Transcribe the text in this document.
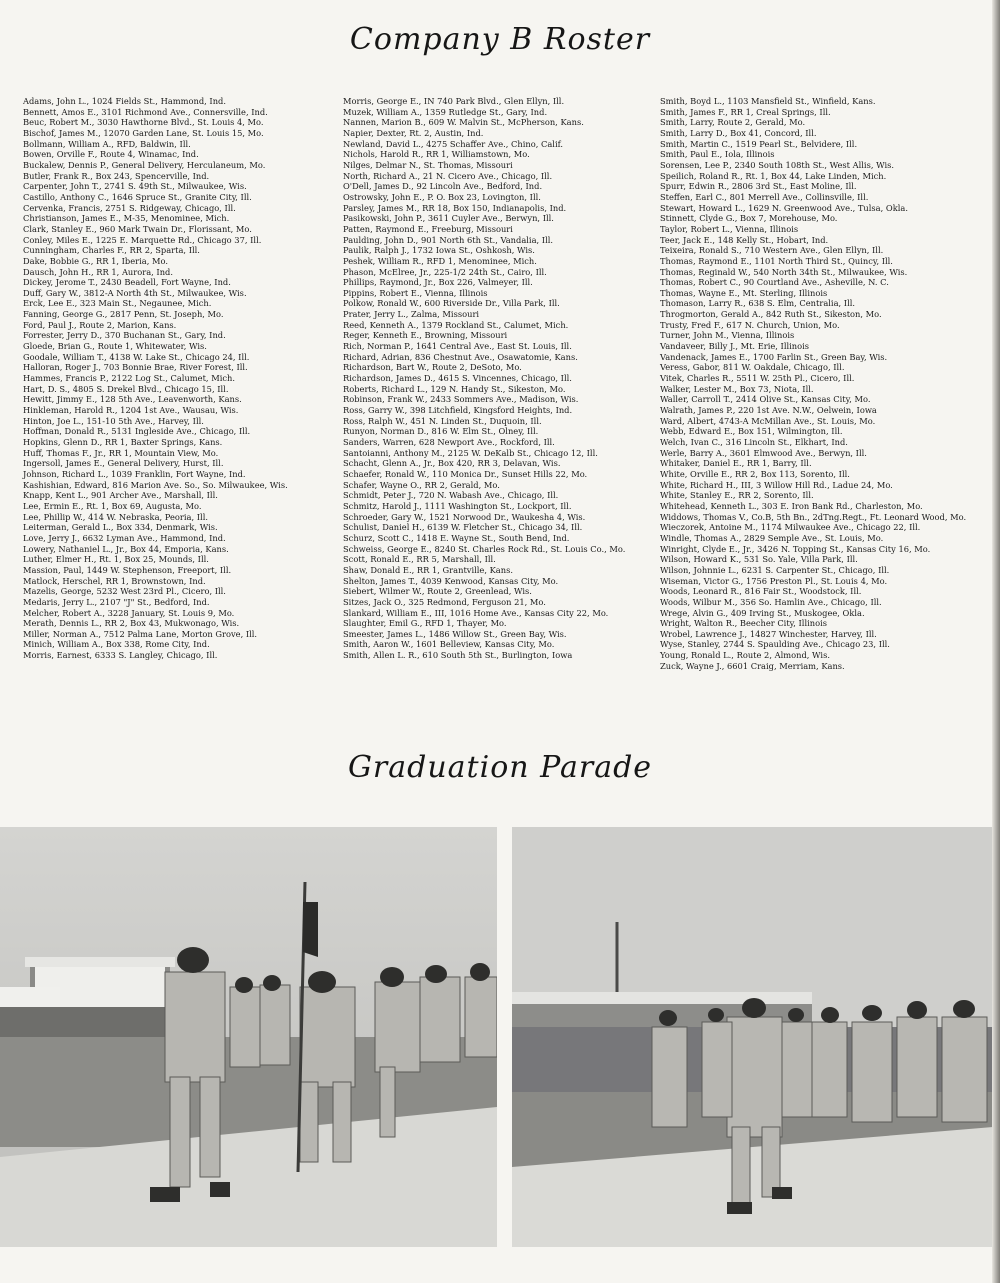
Company B Roster
Adams, John L., 1024 Fields St., Hammond, Ind.
Bennett, Amos E., 3101 Richmond Ave., Connersville, Ind.
Beuc, Robert M., 3030 Hawthorne Blvd., St. Louis 4, Mo.
Bischof, James M., 12070 Garden Lane, St. Louis 15, Mo.
Bollmann, William A., RFD, Baldwin, Ill.
Bowen, Orville F., Route 4, Winamac, Ind.
Buckalew, Dennis P., General Delivery, Herculaneum, Mo.
Butler, Frank R., Box 243, Spencerville, Ind.
Carpenter, John T., 2741 S. 49th St., Milwaukee, Wis.
Castillo, Anthony C., 1646 Spruce St., Granite City, Ill.
Cervenka, Francis, 2751 S. Ridgeway, Chicago, Ill.
Christianson, James E., M-35, Menominee, Mich.
Clark, Stanley E., 960 Mark Twain Dr., Florissant, Mo.
Conley, Miles E., 1225 E. Marquette Rd., Chicago 37, Ill.
Cunningham, Charles F., RR 2, Sparta, Ill.
Dake, Bobbie G., RR 1, Iberia, Mo.
Dausch, John H., RR 1, Aurora, Ind.
Dickey, Jerome T., 2430 Beadell, Fort Wayne, Ind.
Duff, Gary W., 3812-A North 4th St., Milwaukee, Wis.
Erck, Lee E., 323 Main St., Negaunee, Mich.
Fanning, George G., 2817 Penn, St. Joseph, Mo.
Ford, Paul J., Route 2, Marion, Kans.
Forrester, Jerry D., 370 Buchanan St., Gary, Ind.
Gloede, Brian G., Route 1, Whitewater, Wis.
Goodale, William T., 4138 W. Lake St., Chicago 24, Ill.
Halloran, Roger J., 703 Bonnie Brae, River Forest, Ill.
Hammes, Francis P., 2122 Log St., Calumet, Mich.
Hart, D. S., 4805 S. Drekel Blvd., Chicago 15, Ill.
Hewitt, Jimmy E., 128 5th Ave., Leavenworth, Kans.
Hinkleman, Harold R., 1204 1st Ave., Wausau, Wis.
Hinton, Joe L., 151-10 5th Ave., Harvey, Ill.
Hoffman, Donald R., 5131 Ingleside Ave., Chicago, Ill.
Hopkins, Glenn D., RR 1, Baxter Springs, Kans.
Huff, Thomas F., Jr., RR 1, Mountain View, Mo.
Ingersoll, James E., General Delivery, Hurst, Ill.
Johnson, Richard L., 1039 Franklin, Fort Wayne, Ind.
Kashishian, Edward, 816 Marion Ave. So., So. Milwaukee, Wis.
Knapp, Kent L., 901 Archer Ave., Marshall, Ill.
Lee, Ermin E., Rt. 1, Box 69, Augusta, Mo.
Lee, Phillip W., 414 W. Nebraska, Peoria, Ill.
Leiterman, Gerald L., Box 334, Denmark, Wis.
Love, Jerry J., 6632 Lyman Ave., Hammond, Ind.
Lowery, Nathaniel L., Jr., Box 44, Emporia, Kans.
Luther, Elmer H., Rt. 1, Box 25, Mounds, Ill.
Massion, Paul, 1449 W. Stephenson, Freeport, Ill.
Matlock, Herschel, RR 1, Brownstown, Ind.
Mazelis, George, 5232 West 23rd Pl., Cicero, Ill.
Medaris, Jerry L., 2107 "J" St., Bedford, Ind.
Melcher, Robert A., 3228 January, St. Louis 9, Mo.
Merath, Dennis L., RR 2, Box 43, Mukwonago, Wis.
Miller, Norman A., 7512 Palma Lane, Morton Grove, Ill.
Minich, William A., Box 338, Rome City, Ind.
Morris, Earnest, 6333 S. Langley, Chicago, Ill.
Morris, George E., IN 740 Park Blvd., Glen Ellyn, Ill.
Muzek, William A., 1359 Rutledge St., Gary, Ind.
Nannen, Marion B., 609 W. Malvin St., McPherson, Kans.
Napier, Dexter, Rt. 2, Austin, Ind.
Newland, David L., 4275 Schaffer Ave., Chino, Calif.
Nichols, Harold R., RR 1, Williamstown, Mo.
Nilges, Delmar N., St. Thomas, Missouri
North, Richard A., 21 N. Cicero Ave., Chicago, Ill.
O'Dell, James D., 92 Lincoln Ave., Bedford, Ind.
Ostrowsky, John E., P. O. Box 23, Lovington, Ill.
Parsley, James M., RR 18, Box 150, Indianapolis, Ind.
Pasikowski, John P., 3611 Cuyler Ave., Berwyn, Ill.
Patten, Raymond E., Freeburg, Missouri
Paulding, John D., 901 North 6th St., Vandalia, Ill.
Paulik, Ralph J., 1732 Iowa St., Oshkosh, Wis.
Peshek, William R., RFD 1, Menominee, Mich.
Phason, McElree, Jr., 225-1/2 24th St., Cairo, Ill.
Phillips, Raymond, Jr., Box 226, Valmeyer, Ill.
Pippins, Robert E., Vienna, Illinois
Polkow, Ronald W., 600 Riverside Dr., Villa Park, Ill.
Prater, Jerry L., Zalma, Missouri
Reed, Kenneth A., 1379 Rockland St., Calumet, Mich.
Reger, Kenneth E., Browning, Missouri
Rich, Norman P., 1641 Central Ave., East St. Louis, Ill.
Richard, Adrian, 836 Chestnut Ave., Osawatomie, Kans.
Richardson, Bart W., Route 2, DeSoto, Mo.
Richardson, James D., 4615 S. Vincennes, Chicago, Ill.
Roberts, Richard L., 129 N. Handy St., Sikeston, Mo.
Robinson, Frank W., 2433 Sommers Ave., Madison, Wis.
Ross, Garry W., 398 Litchfield, Kingsford Heights, Ind.
Ross, Ralph W., 451 N. Linden St., Duquoin, Ill.
Runyon, Norman D., 816 W. Elm St., Olney, Ill.
Sanders, Warren, 628 Newport Ave., Rockford, Ill.
Santoianni, Anthony M., 2125 W. DeKalb St., Chicago 12, Ill.
Schacht, Glenn A., Jr., Box 420, RR 3, Delavan, Wis.
Schaefer, Ronald W., 110 Monica Dr., Sunset Hills 22, Mo.
Schafer, Wayne O., RR 2, Gerald, Mo.
Schmidt, Peter J., 720 N. Wabash Ave., Chicago, Ill.
Schmitz, Harold J., 1111 Washington St., Lockport, Ill.
Schroeder, Gary W., 1521 Norwood Dr., Waukesha 4, Wis.
Schulist, Daniel H., 6139 W. Fletcher St., Chicago 34, Ill.
Schurz, Scott C., 1418 E. Wayne St., South Bend, Ind.
Schweiss, George E., 8240 St. Charles Rock Rd., St. Louis Co., Mo.
Scott, Ronald E., RR 5, Marshall, Ill.
Shaw, Donald E., RR 1, Grantville, Kans.
Shelton, James T., 4039 Kenwood, Kansas City, Mo.
Siebert, Wilmer W., Route 2, Greenlead, Wis.
Sitzes, Jack O., 325 Redmond, Ferguson 21, Mo.
Slankard, William E., III, 1016 Home Ave., Kansas City 22, Mo.
Slaughter, Emil G., RFD 1, Thayer, Mo.
Smeester, James L., 1486 Willow St., Green Bay, Wis.
Smith, Aaron W., 1601 Belleview, Kansas City, Mo.
Smith, Allen L. R., 610 South 5th St., Burlington, Iowa
Smith, Boyd L., 1103 Mansfield St., Winfield, Kans.
Smith, James F., RR 1, Creal Springs, Ill.
Smith, Larry, Route 2, Gerald, Mo.
Smith, Larry D., Box 41, Concord, Ill.
Smith, Martin C., 1519 Pearl St., Belvidere, Ill.
Smith, Paul E., Iola, Illinois
Sorensen, Lee P., 2340 South 108th St., West Allis, Wis.
Speilich, Roland R., Rt. 1, Box 44, Lake Linden, Mich.
Spurr, Edwin R., 2806 3rd St., East Moline, Ill.
Steffen, Earl C., 801 Merrell Ave., Collinsville, Ill.
Stewart, Howard L., 1629 N. Greenwood Ave., Tulsa, Okla.
Stinnett, Clyde G., Box 7, Morehouse, Mo.
Taylor, Robert L., Vienna, Illinois
Teer, Jack E., 148 Kelly St., Hobart, Ind.
Teixeira, Ronald S., 710 Western Ave., Glen Ellyn, Ill.
Thomas, Raymond E., 1101 North Third St., Quincy, Ill.
Thomas, Reginald W., 540 North 34th St., Milwaukee, Wis.
Thomas, Robert C., 90 Courtland Ave., Asheville, N. C.
Thomas, Wayne E., Mt. Sterling, Illinois
Thomason, Larry R., 638 S. Elm, Centralia, Ill.
Throgmorton, Gerald A., 842 Ruth St., Sikeston, Mo.
Trusty, Fred F., 617 N. Church, Union, Mo.
Turner, John M., Vienna, Illinois
Vandaveer, Billy J., Mt. Erie, Illinois
Vandenack, James E., 1700 Farlin St., Green Bay, Wis.
Veress, Gabor, 811 W. Oakdale, Chicago, Ill.
Vitek, Charles R., 5511 W. 25th Pl., Cicero, Ill.
Walker, Lester M., Box 73, Niota, Ill.
Waller, Carroll T., 2414 Olive St., Kansas City, Mo.
Walrath, James P., 220 1st Ave. N.W., Oelwein, Iowa
Ward, Albert, 4743-A McMillan Ave., St. Louis, Mo.
Webb, Edward E., Box 151, Wilmington, Ill.
Welch, Ivan C., 316 Lincoln St., Elkhart, Ind.
Werle, Barry A., 3601 Elmwood Ave., Berwyn, Ill.
Whitaker, Daniel E., RR 1, Barry, Ill.
White, Orville E., RR 2, Box 113, Sorento, Ill.
White, Richard H., III, 3 Willow Hill Rd., Ladue 24, Mo.
White, Stanley E., RR 2, Sorento, Ill.
Whitehead, Kenneth L., 303 E. Iron Bank Rd., Charleston, Mo.
Widdows, Thomas V., Co.B, 5th Bn., 2dTng.Regt., Ft. Leonard Wood, Mo.
Wieczorek, Antoine M., 1174 Milwaukee Ave., Chicago 22, Ill.
Windle, Thomas A., 2829 Semple Ave., St. Louis, Mo.
Winright, Clyde E., Jr., 3426 N. Topping St., Kansas City 16, Mo.
Wilson, Howard K., 531 So. Yale, Villa Park, Ill.
Wilson, Johnnie L., 6231 S. Carpenter St., Chicago, Ill.
Wiseman, Victor G., 1756 Preston Pl., St. Louis 4, Mo.
Woods, Leonard R., 816 Fair St., Woodstock, Ill.
Woods, Wilbur M., 356 So. Hamlin Ave., Chicago, Ill.
Wrege, Alvin G., 409 Irving St., Muskogee, Okla.
Wright, Walton R., Beecher City, Illinois
Wrobel, Lawrence J., 14827 Winchester, Harvey, Ill.
Wyse, Stanley, 2744 S. Spaulding Ave., Chicago 23, Ill.
Young, Ronald L., Route 2, Almond, Wis.
Zuck, Wayne J., 6601 Craig, Merriam, Kans.
Graduation Parade
